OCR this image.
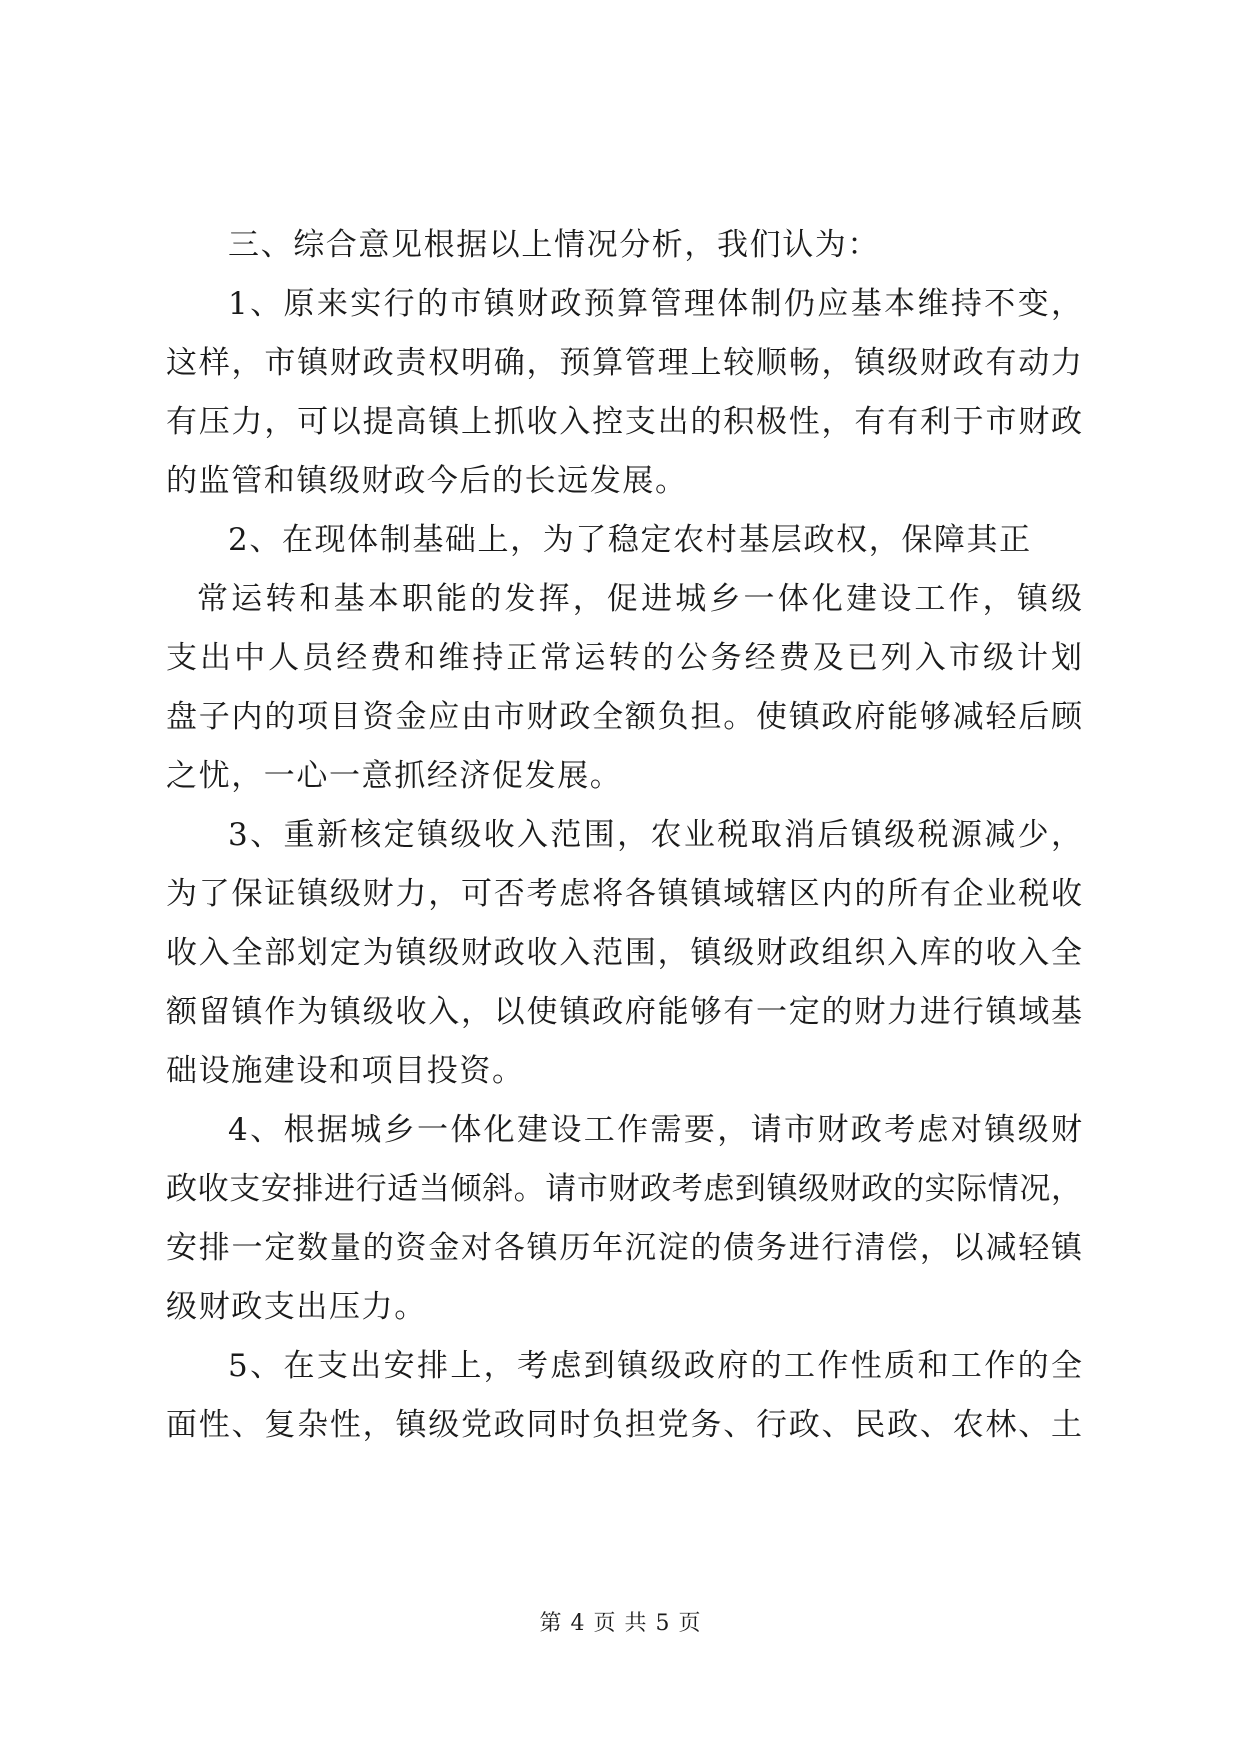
三、综合意见根据以上情况分析，我们认为：
1、原来实行的市镇财政预算管理体制仍应基本维持不变，
这样，市镇财政责权明确，预算管理上较顺畅，镇级财政有动力
有压力，可以提高镇上抓收入控支出的积极性，有有利于市财政
的监管和镇级财政今后的长远发展。
2、在现体制基础上，为了稳定农村基层政权，保障其正
常运转和基本职能的发挥，促进城乡一体化建设工作，镇级
支出中人员经费和维持正常运转的公务经费及已列入市级计划
盘子内的项目资金应由市财政全额负担。使镇政府能够减轻后顾
之忧，一心一意抓经济促发展。
3、重新核定镇级收入范围，农业税取消后镇级税源减少，
为了保证镇级财力，可否考虑将各镇镇域辖区内的所有企业税收
收入全部划定为镇级财政收入范围，镇级财政组织入库的收入全
额留镇作为镇级收入，以使镇政府能够有一定的财力进行镇域基
础设施建设和项目投资。
4、根据城乡一体化建设工作需要，请市财政考虑对镇级财
政收支安排进行适当倾斜。请市财政考虑到镇级财政的实际情况，
安排一定数量的资金对各镇历年沉淀的债务进行清偿，以减轻镇
级财政支出压力。
5、在支出安排上，考虑到镇级政府的工作性质和工作的全
面性、复杂性，镇级党政同时负担党务、行政、民政、农林、土
第 4 页 共 5 页
